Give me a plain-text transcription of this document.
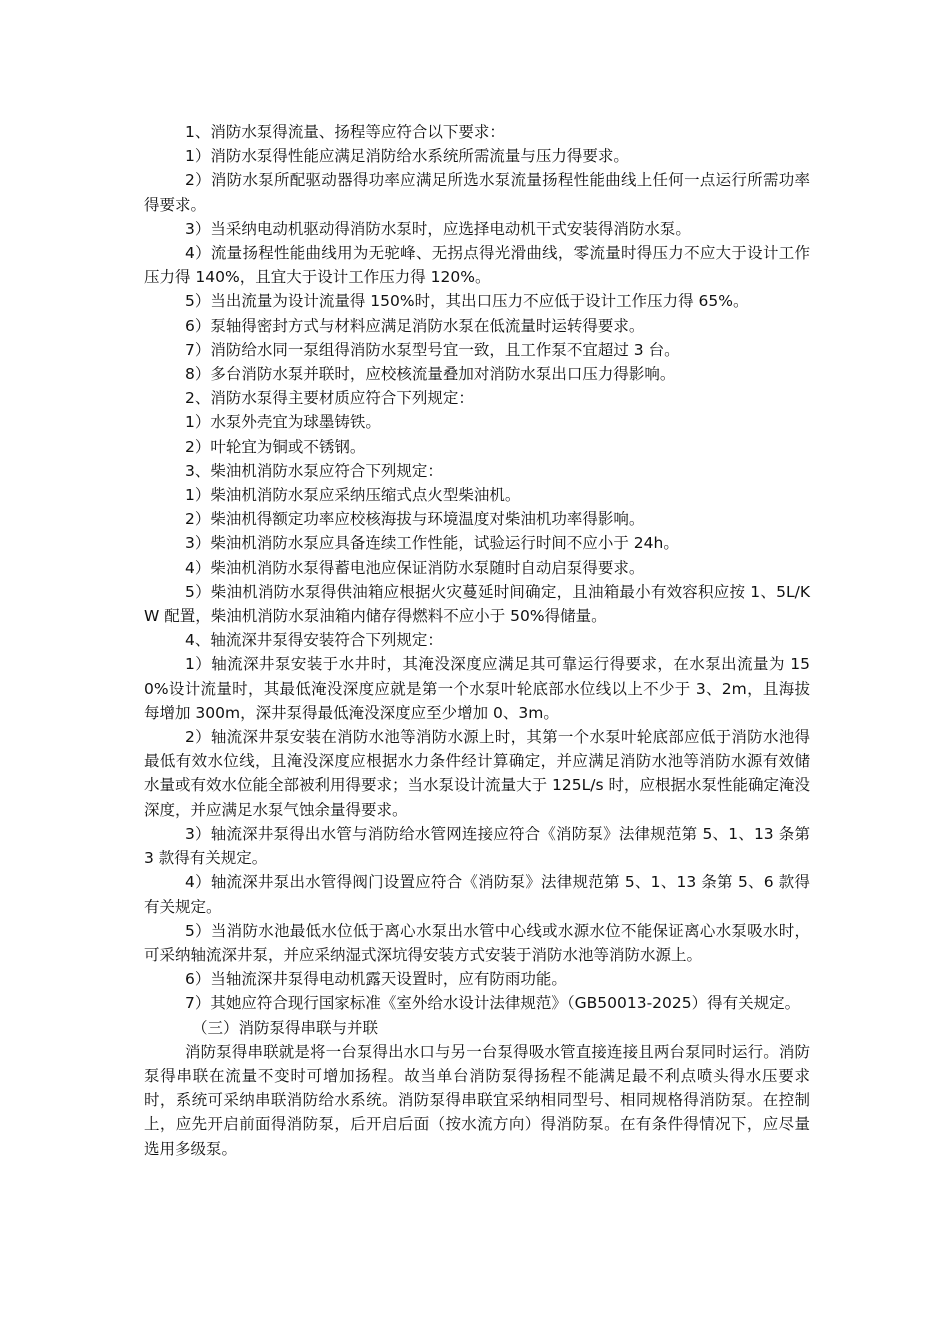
1、消防水泵得流量、扬程等应符合以下要求：

1）消防水泵得性能应满足消防给水系统所需流量与压力得要求。

2）消防水泵所配驱动器得功率应满足所选水泵流量扬程性能曲线上任何一点运行所需功率得要求。

3）当采纳电动机驱动得消防水泵时，应选择电动机干式安装得消防水泵。

4）流量扬程性能曲线用为无驼峰、无拐点得光滑曲线，零流量时得压力不应大于设计工作压力得 140%，且宜大于设计工作压力得 120%。

5）当出流量为设计流量得 150%时，其出口压力不应低于设计工作压力得 65%。

6）泵轴得密封方式与材料应满足消防水泵在低流量时运转得要求。

7）消防给水同一泵组得消防水泵型号宜一致，且工作泵不宜超过 3 台。

8）多台消防水泵并联时，应校核流量叠加对消防水泵出口压力得影响。

2、消防水泵得主要材质应符合下列规定：

1）水泵外壳宜为球墨铸铁。

2）叶轮宜为铜或不锈钢。

3、柴油机消防水泵应符合下列规定：

1）柴油机消防水泵应采纳压缩式点火型柴油机。

2）柴油机得额定功率应校核海拔与环境温度对柴油机功率得影响。

3）柴油机消防水泵应具备连续工作性能，试验运行时间不应小于 24h。

4）柴油机消防水泵得蓄电池应保证消防水泵随时自动启泵得要求。

5）柴油机消防水泵得供油箱应根据火灾蔓延时间确定，且油箱最小有效容积应按 1、5L/KW 配置，柴油机消防水泵油箱内储存得燃料不应小于 50%得储量。

4、轴流深井泵得安装符合下列规定：

1）轴流深井泵安装于水井时，其淹没深度应满足其可靠运行得要求，在水泵出流量为 150%设计流量时，其最低淹没深度应就是第一个水泵叶轮底部水位线以上不少于 3、2m，且海拔每增加 300m，深井泵得最低淹没深度应至少增加 0、3m。

2）轴流深井泵安装在消防水池等消防水源上时，其第一个水泵叶轮底部应低于消防水池得最低有效水位线，且淹没深度应根据水力条件经计算确定，并应满足消防水池等消防水源有效储水量或有效水位能全部被利用得要求；当水泵设计流量大于 125L/s 时，应根据水泵性能确定淹没深度，并应满足水泵气蚀余量得要求。

3）轴流深井泵得出水管与消防给水管网连接应符合《消防泵》法律规范第 5、1、13 条第 3 款得有关规定。

4）轴流深井泵出水管得阀门设置应符合《消防泵》法律规范第 5、1、13 条第 5、6 款得有关规定。

5）当消防水池最低水位低于离心水泵出水管中心线或水源水位不能保证离心水泵吸水时，可采纳轴流深井泵，并应采纳湿式深坑得安装方式安装于消防水池等消防水源上。

6）当轴流深井泵得电动机露天设置时，应有防雨功能。

7）其她应符合现行国家标准《室外给水设计法律规范》（GB50013-2025）得有关规定。

（三）消防泵得串联与并联

消防泵得串联就是将一台泵得出水口与另一台泵得吸水管直接连接且两台泵同时运行。消防泵得串联在流量不变时可增加扬程。故当单台消防泵得扬程不能满足最不利点喷头得水压要求时，系统可采纳串联消防给水系统。消防泵得串联宜采纳相同型号、相同规格得消防泵。在控制上，应先开启前面得消防泵，后开启后面（按水流方向）得消防泵。在有条件得情况下，应尽量选用多级泵。
